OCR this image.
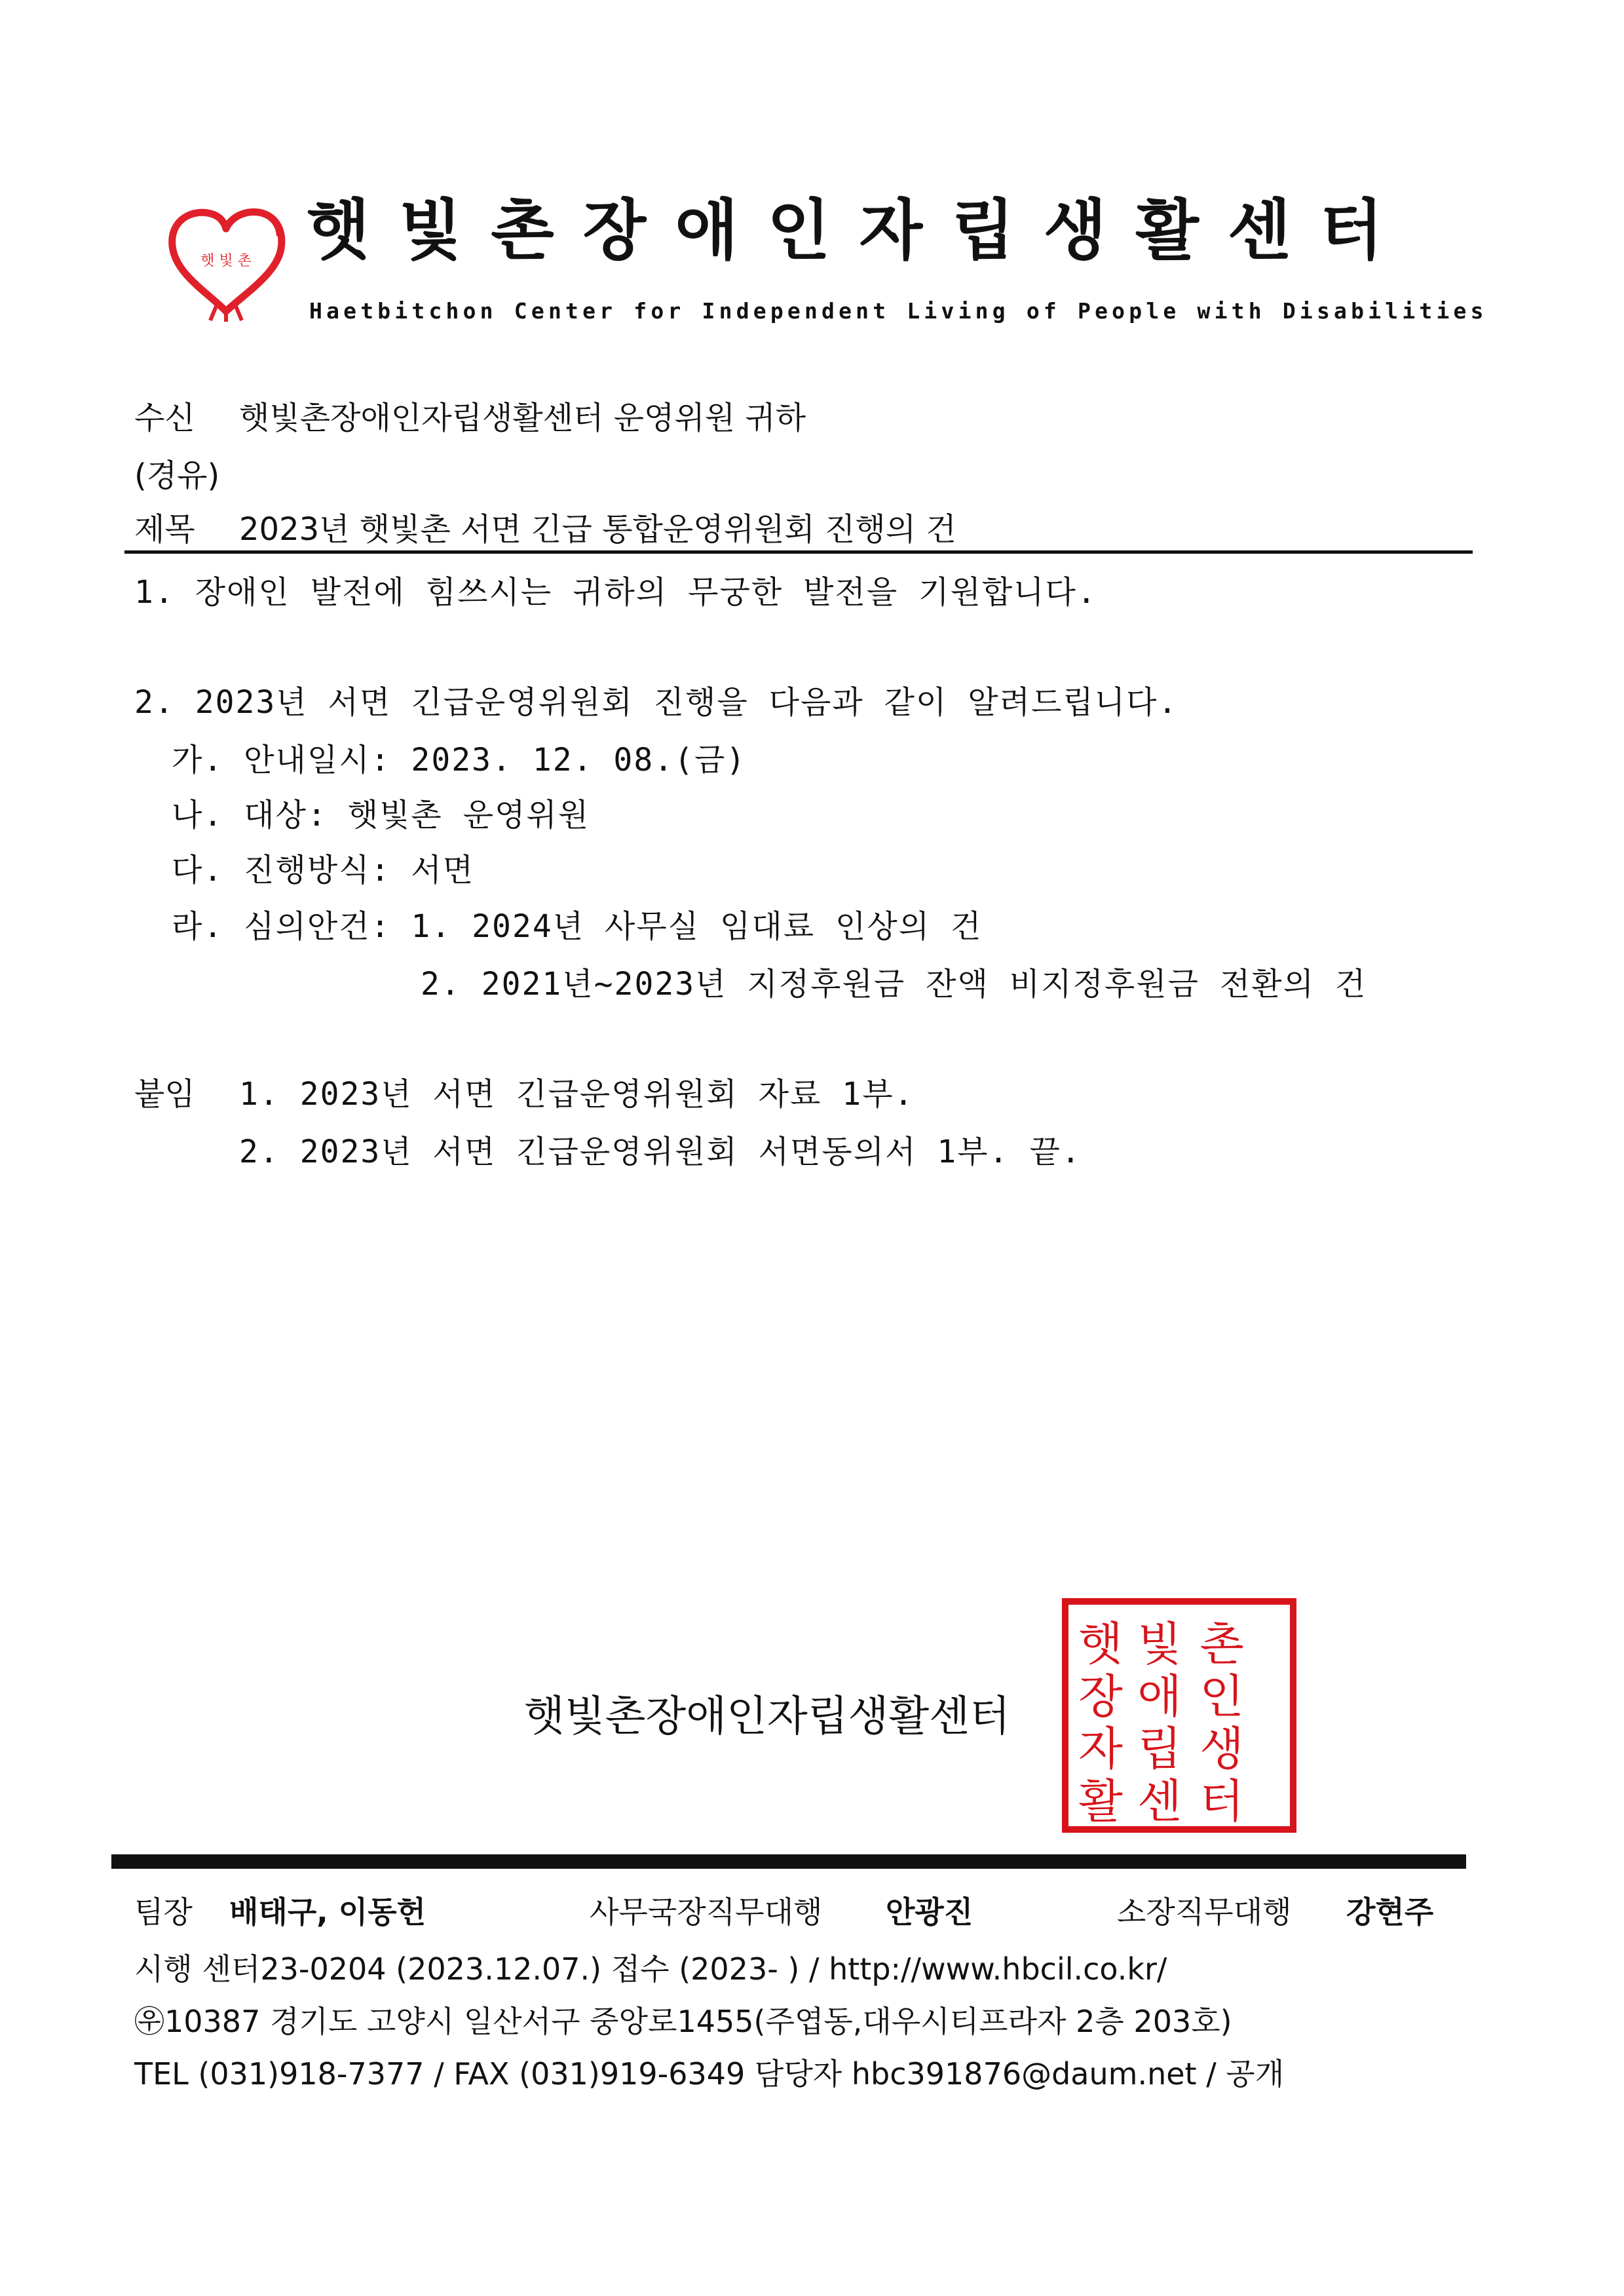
햇 빛 촌 햇빛촌장애인자립생활센터
Haetbitchon Center for Independent Living of People with Disabilities
수신 햇빛촌장애인자립생활센터 운영위원 귀하
(경유)
제목 2023년 햇빛촌 서면 긴급 통합운영위원회 진행의 건
1. 장애인 발전에 힘쓰시는 귀하의 무궁한 발전을 기원합니다.
2. 2023년 서면 긴급운영위원회 진행을 다음과 같이 알려드립니다.
가. 안내일시: 2023. 12. 08.(금)
나. 대상: 햇빛촌 운영위원
다. 진행방식: 서면
라. 심의안건: 1. 2024년 사무실 임대료 인상의 건
2. 2021년~2023년 지정후원금 잔액 비지정후원금 전환의 건
붙임 1. 2023년 서면 긴급운영위원회 자료 1부.
2. 2023년 서면 긴급운영위원회 서면동의서 1부. 끝.
햇빛촌장애인자립생활센터
햇 빛 촌
장 애 인
자 립 생
활 센 터
팀장 배태구, 이동헌	사무국장직무대행 안광진	소장직무대행 강현주
시행 센터23-0204 (2023.12.07.) 접수 (2023- ) / http://www.hbcil.co.kr/
㉾10387 경기도 고양시 일산서구 중앙로1455(주엽동,대우시티프라자 2층 203호)
TEL (031)918-7377 / FAX (031)919-6349 담당자 hbc391876@daum.net / 공개
